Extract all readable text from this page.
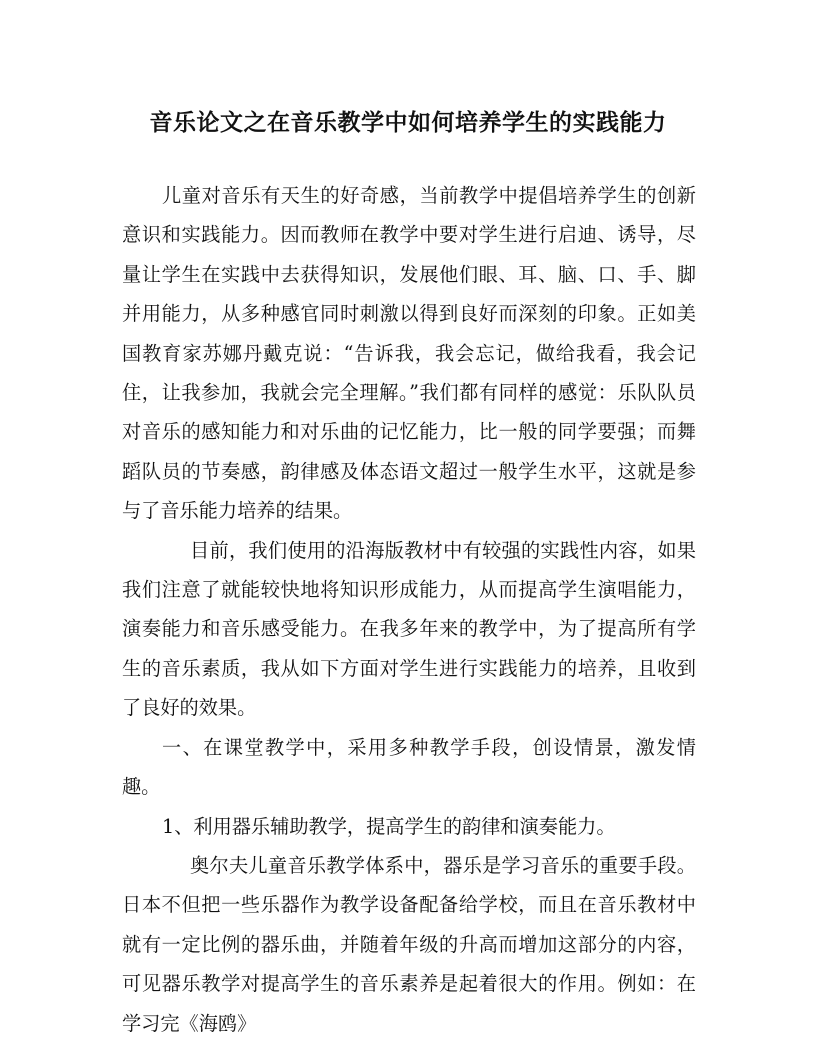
音乐论文之在音乐教学中如何培养学生的实践能力

儿童对音乐有天生的好奇感，当前教学中提倡培养学生的创新意识和实践能力。因而教师在教学中要对学生进行启迪、诱导，尽量让学生在实践中去获得知识，发展他们眼、耳、脑、口、手、脚并用能力，从多种感官同时刺激以得到良好而深刻的印象。正如美国教育家苏娜丹戴克说：“告诉我，我会忘记，做给我看，我会记住，让我参加，我就会完全理解。”我们都有同样的感觉：乐队队员对音乐的感知能力和对乐曲的记忆能力，比一般的同学要强；而舞蹈队员的节奏感，韵律感及体态语文超过一般学生水平，这就是参与了音乐能力培养的结果。

目前，我们使用的沿海版教材中有较强的实践性内容，如果我们注意了就能较快地将知识形成能力，从而提高学生演唱能力，演奏能力和音乐感受能力。在我多年来的教学中，为了提高所有学生的音乐素质，我从如下方面对学生进行实践能力的培养，且收到了良好的效果。

一、在课堂教学中，采用多种教学手段，创设情景，激发情趣。

1、利用器乐辅助教学，提高学生的韵律和演奏能力。

奥尔夫儿童音乐教学体系中，器乐是学习音乐的重要手段。日本不但把一些乐器作为教学设备配备给学校，而且在音乐教材中就有一定比例的器乐曲，并随着年级的升高而增加这部分的内容，可见器乐教学对提高学生的音乐素养是起着很大的作用。例如：在学习完《海鸥》
